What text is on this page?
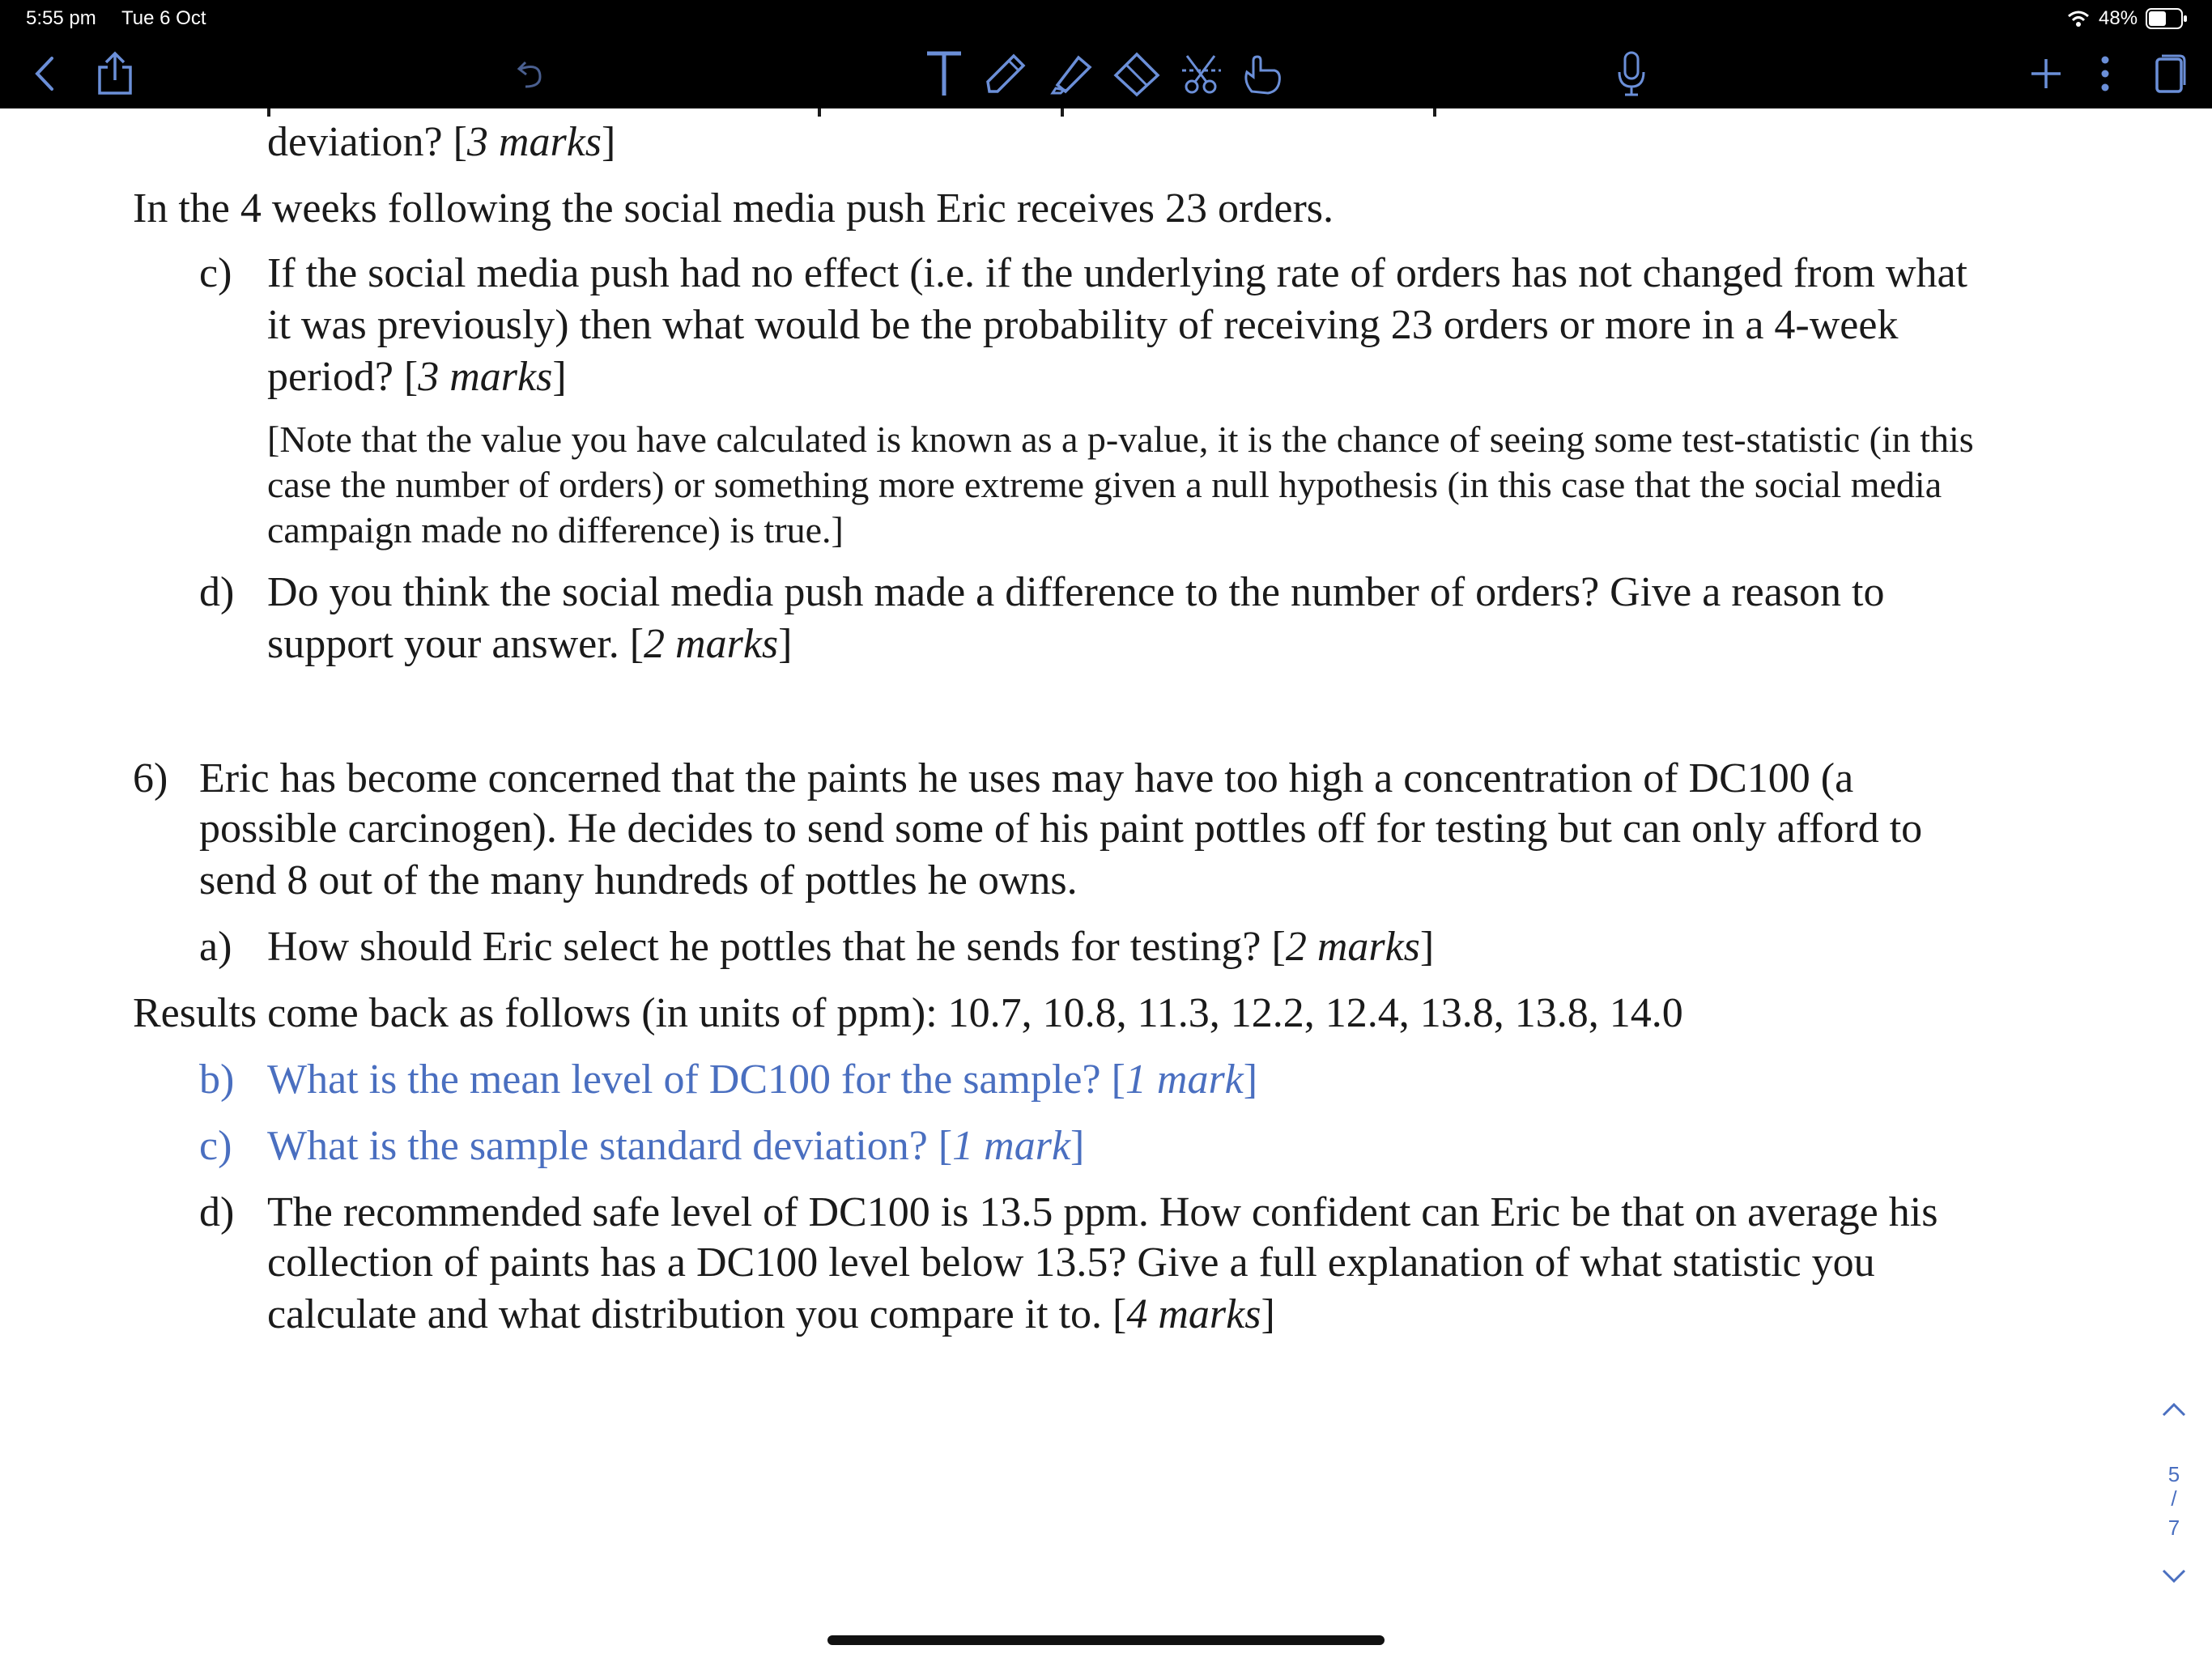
5:55 pm Tue 6 Oct	48%
deviation? [3 marks]
In the 4 weeks following the social media push Eric receives 23 orders.
c) If the social media push had no effect (i.e. if the underlying rate of orders has not changed from what
it was previously) then what would be the probability of receiving 23 orders or more in a 4-week
period? [3 marks]
[Note that the value you have calculated is known as a p-value, it is the chance of seeing some test-statistic (in this
case the number of orders) or something more extreme given a null hypothesis (in this case that the social media
campaign made no difference) is true.]
d) Do you think the social media push made a difference to the number of orders? Give a reason to
support your answer. [2 marks]
6) Eric has become concerned that the paints he uses may have too high a concentration of DC100 (a
possible carcinogen). He decides to send some of his paint pottles off for testing but can only afford to
send 8 out of the many hundreds of pottles he owns.
a) How should Eric select he pottles that he sends for testing? [2 marks]
Results come back as follows (in units of ppm): 10.7, 10.8, 11.3, 12.2, 12.4, 13.8, 13.8, 14.0
b) What is the mean level of DC100 for the sample? [1 mark]
c) What is the sample standard deviation? [1 mark]
d) The recommended safe level of DC100 is 13.5 ppm. How confident can Eric be that on average his
collection of paints has a DC100 level below 13.5? Give a full explanation of what statistic you
calculate and what distribution you compare it to. [4 marks]
5
/
7
